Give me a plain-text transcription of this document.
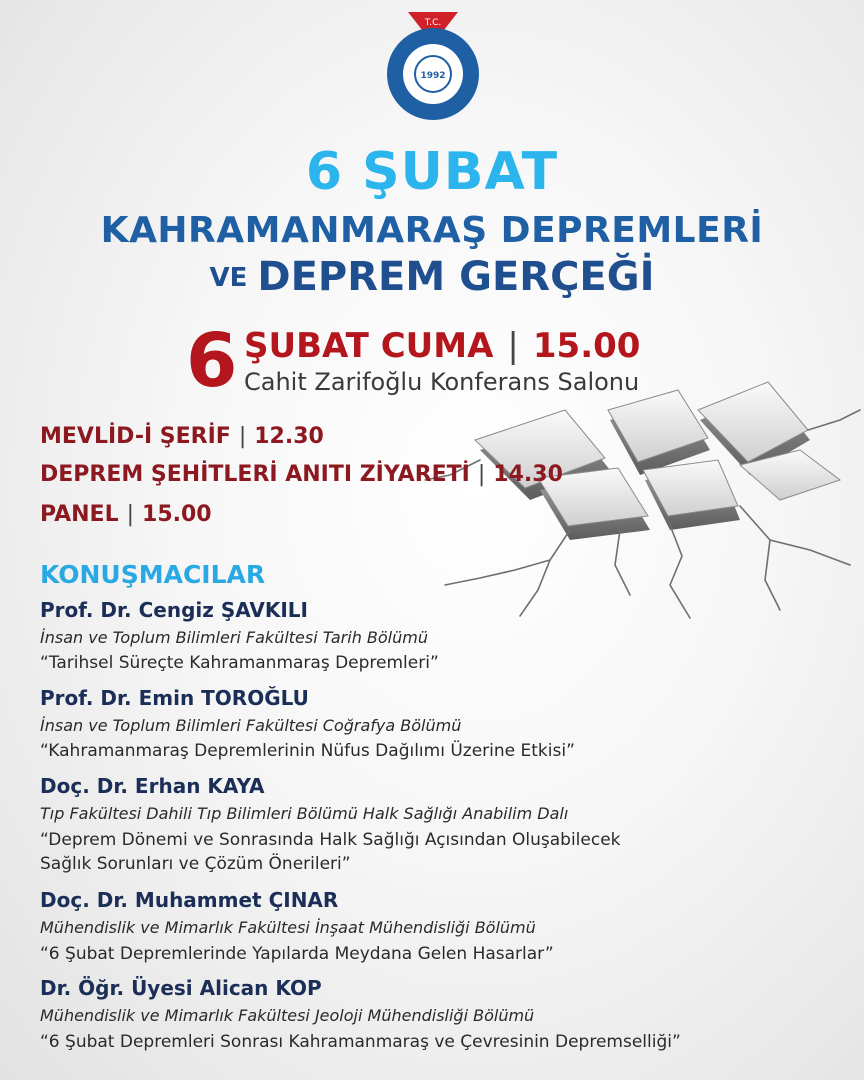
T.C.
1992
6 ŞUBAT
KAHRAMANMARAŞ DEPREMLERİ
VE DEPREM GERÇEĞİ
6 ŞUBAT CUMA | 15.00
Cahit Zarifoğlu Konferans Salonu
MEVLİD-İ ŞERİF | 12.30
DEPREM ŞEHİTLERİ ANITI ZİYARETİ | 14.30
PANEL | 15.00
KONUŞMACILAR
Prof. Dr. Cengiz ŞAVKILI
İnsan ve Toplum Bilimleri Fakültesi Tarih Bölümü
“Tarihsel Süreçte Kahramanmaraş Depremleri”
Prof. Dr. Emin TOROĞLU
İnsan ve Toplum Bilimleri Fakültesi Coğrafya Bölümü
“Kahramanmaraş Depremlerinin Nüfus Dağılımı Üzerine Etkisi”
Doç. Dr. Erhan KAYA
Tıp Fakültesi Dahili Tıp Bilimleri Bölümü Halk Sağlığı Anabilim Dalı
“Deprem Dönemi ve Sonrasında Halk Sağlığı Açısından Oluşabilecek
Sağlık Sorunları ve Çözüm Önerileri”
Doç. Dr. Muhammet ÇINAR
Mühendislik ve Mimarlık Fakültesi İnşaat Mühendisliği Bölümü
“6 Şubat Depremlerinde Yapılarda Meydana Gelen Hasarlar”
Dr. Öğr. Üyesi Alican KOP
Mühendislik ve Mimarlık Fakültesi Jeoloji Mühendisliği Bölümü
“6 Şubat Depremleri Sonrası Kahramanmaraş ve Çevresinin Depremselliği”
